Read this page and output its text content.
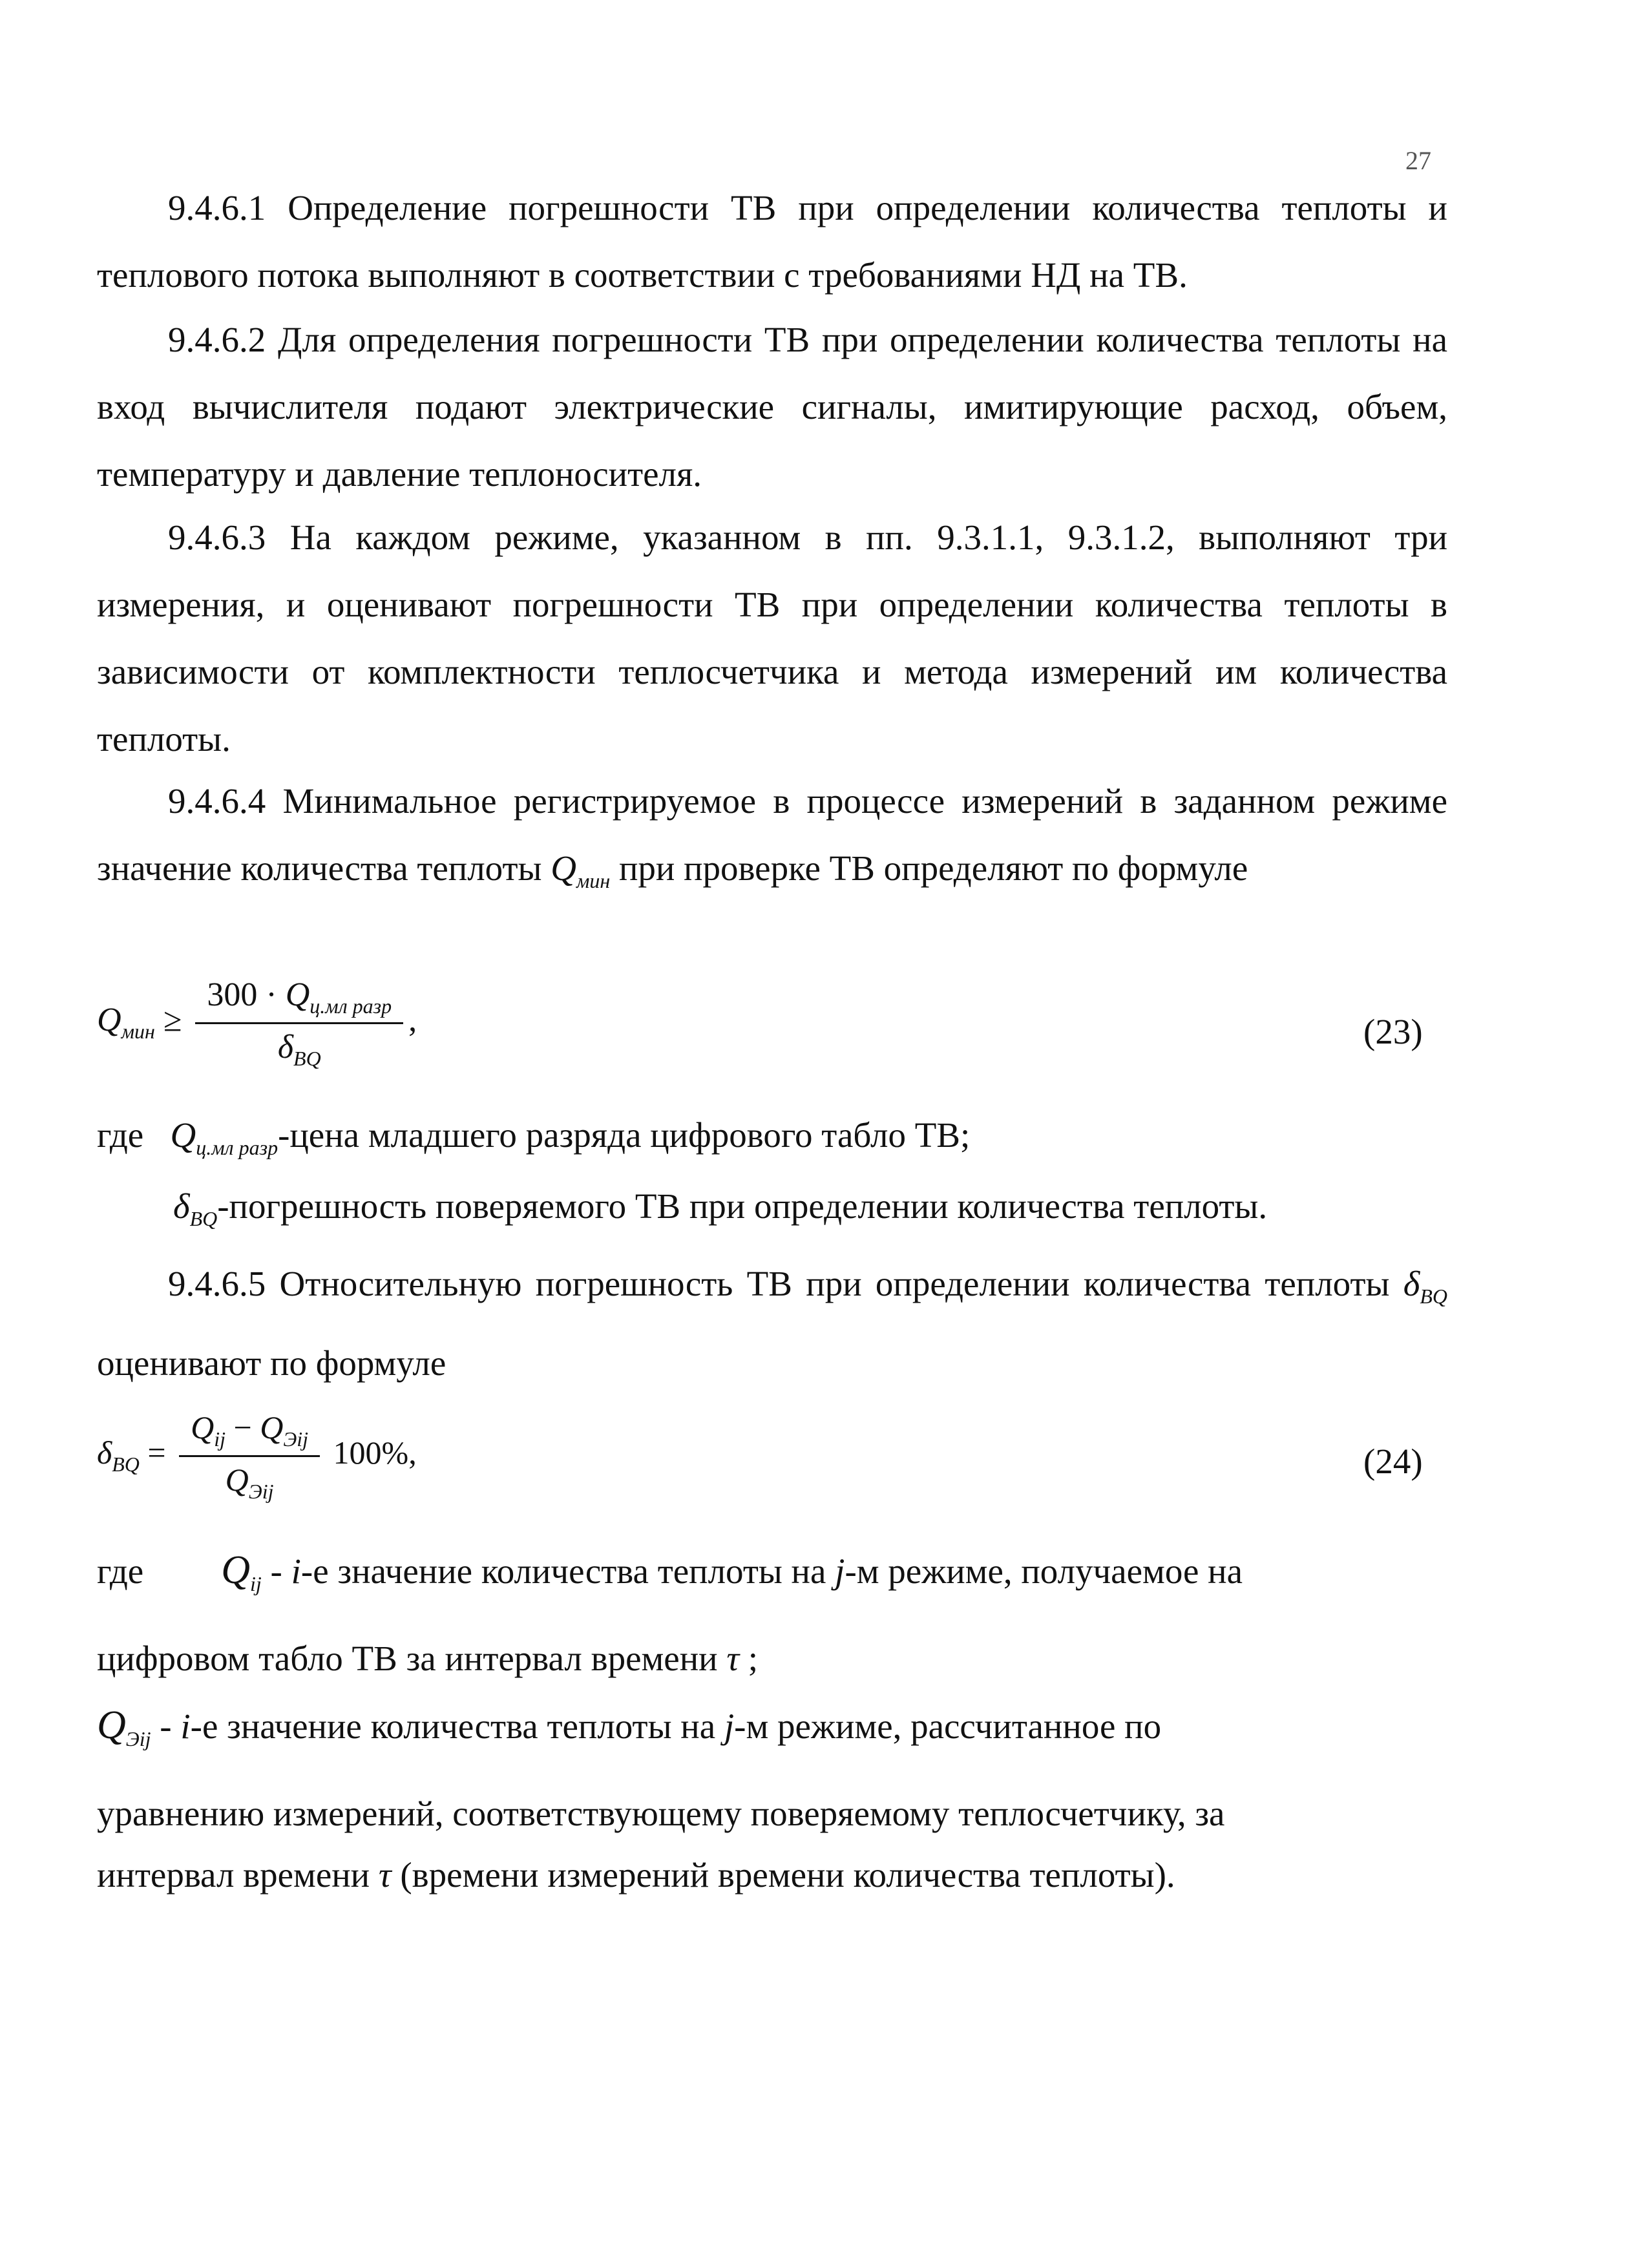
27

9.4.6.1 Определение погрешности ТВ при определении количества теплоты и теплового потока выполняют в соответствии с требованиями НД на ТВ.

9.4.6.2 Для определения погрешности ТВ при определении количества теплоты на вход вычислителя подают электрические сигналы, имитирующие расход, объем, температуру и давление теплоносителя.

9.4.6.3 На каждом режиме, указанном в пп. 9.3.1.1, 9.3.1.2, выполняют три измерения, и оценивают погрешности ТВ при определении количества теплоты в зависимости от комплектности теплосчетчика и метода измерений им количества теплоты.

9.4.6.4 Минимальное регистрируемое в процессе измерений в заданном режиме значение количества теплоты $Q_{мин}$ при проверке ТВ определяют по формуле

$Q_{мин} \ge \frac{300 \cdot Q_{ц.мл разр}}{\delta_{BQ}}$ ,	(23)
где $Q_{ц.мл разр}$-цена младшего разряда цифрового табло ТВ;
$\delta_{BQ}$-погрешность поверяемого ТВ при определении количества теплоты.

9.4.6.5 Относительную погрешность ТВ при определении количества теплоты $\delta_{BQ}$ оценивают по формуле

$\delta_{BQ} = \frac{Q_{ij} - Q_{Эij}}{Q_{Эij}} 100\%$,	(24)
где $Q_{ij} - i-е$ значение количества теплоты на j-м режиме, получаемое на
цифровом табло ТВ за интервал времени τ ;
$Q_{Эij} - i-е$ значение количества теплоты на j-м режиме, рассчитанное по
уравнению измерений, соответствующему поверяемому теплосчетчику, за
интервал времени τ (времени измерений времени количества теплоты).
